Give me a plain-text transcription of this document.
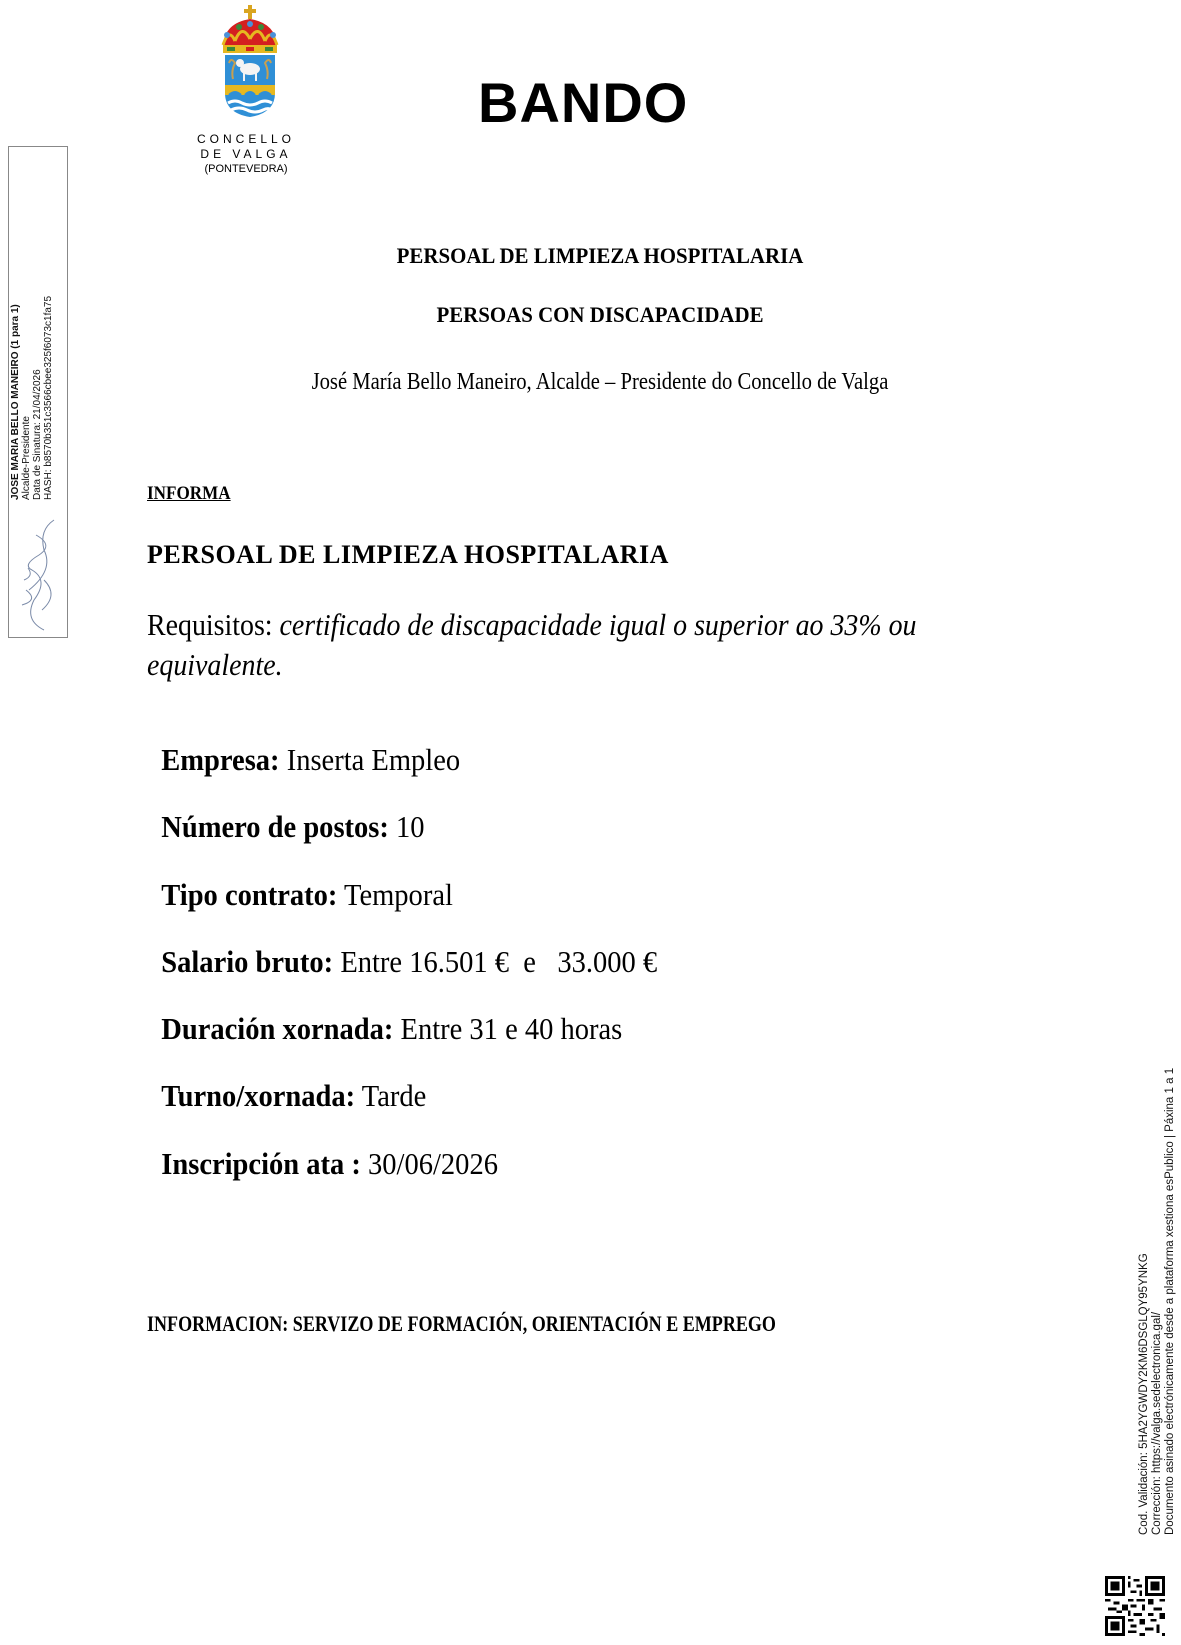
CONCELLO
DE VALGA
(PONTEVEDRA)
BANDO
PERSOAL DE LIMPIEZA HOSPITALARIA
PERSOAS CON DISCAPACIDADE
José María Bello Maneiro, Alcalde – Presidente do Concello de Valga
INFORMA
PERSOAL DE LIMPIEZA HOSPITALARIA
Requisitos: certificado de discapacidade igual o superior ao 33% ou equivalente.

Empresa: Inserta Empleo

Número de postos: 10

Tipo contrato: Temporal

Salario bruto: Entre 16.501 €  e   33.000 €

Duración xornada: Entre 31 e 40 horas

Turno/xornada: Tarde

Inscripción ata : 30/06/2026

INFORMACION: SERVIZO DE FORMACIÓN, ORIENTACIÓN E EMPREGO
JOSE MARIA BELLO MANEIRO (1 para 1) Alcalde-Presidente Data de Sinatura: 21/04/2026 HASH: b8570b351c3566cbee325f6073c1fa75
Cod. Validación: 5HA2YGWDY2KM6DSGLQY95YNKG Corrección: https://valga.sedelectronica.gal/ Documento asinado electrónicamente desde a plataforma xestiona esPublico | Páxina 1 a 1
